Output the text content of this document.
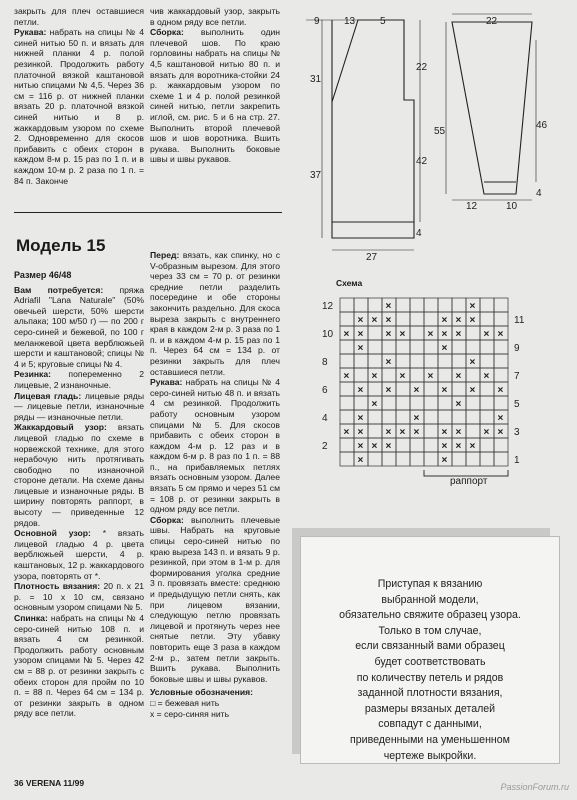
закрыть для плеч оставшиеся петли.

Рукава: набрать на спицы № 4 синей нитью 50 п. и вязать для нижней планки 4 р. полой резинкой. Продолжить работу платочной вязкой каштановой нитью спицами № 4,5. Через 36 см = 116 р. от нижней планки вязать 20 р. платочной вязкой синей нитью и 8 р. жаккардовым узором по схеме 2. Одновременно для скосов прибавить с обеих сторон в каждом 8-м р. 15 раз по 1 п. и в каждом 10-м р. 2 раза по 1 п. = 84 п. Законче

чив жаккардовый узор, закрыть в одном ряду все петли.

Сборка: выполнить один плечевой шов. По краю горловины набрать на спицы № 4,5 каштановой нитью 80 п. и вязать для воротника-стойки 24 р. жаккардовым узором по схеме 1 и 4 р. полой резинкой синей нитью, петли закрепить иглой, см. рис. 5 и 6 на стр. 27. Выполнить второй плечевой шов и шов воротника. Вшить рукава. Выполнить боковые швы и швы рукавов.

Модель 15

Размер 46/48

Вам потребуется: пряжа Adriafil "Lana Naturale" (50% овечьей шерсти, 50% шерсти альпака; 100 м/50 г) — по 200 г серо-синей и бежевой, по 100 г меланжевой цвета верблюжьей шерсти и каштановой; спицы № 4 и 5; круговые спицы № 4.

Резинка: попеременно 2 лицевые, 2 изнаночные.

Лицевая гладь: лицевые ряды — лицевые петли, изнаночные ряды — изнаночные петли.

Жаккардовый узор: вязать лицевой гладью по схеме в норвежской технике, для этого нерабочую нить протягивать свободно по изнаночной стороне детали. На схеме даны лицевые и изнаночные ряды. В ширину повторять раппорт, в высоту — приведенные 12 рядов.

Основной узор: * вязать лицевой гладью 4 р. цвета верблюжьей шерсти, 4 р. каштановых, 12 р. жаккардового узора, повторять от *.

Плотность вязания: 20 п. х 21 р. = 10 х 10 см, связано основным узором спицами № 5.

Спинка: набрать на спицы № 4 серо-синей нитью 108 п. и вязать 4 см резинкой. Продолжить работу основным узором спицами № 5. Через 42 см = 88 р. от резинки закрыть с обеих сторон для пройм по 10 п. = 88 п. Через 64 см = 134 р. от резинки закрыть в одном ряду все петли.

Перед: вязать, как спинку, но с V-образным вырезом. Для этого через 33 см = 70 р. от резинки средние петли разделить посередине и обе стороны закончить раздельно. Для скоса выреза закрыть с внутреннего края в каждом 2-м р. 3 раза по 1 п. и в каждом 4-м р. 15 раз по 1 п. Через 64 см = 134 р. от резинки закрыть для плеч оставшиеся петли.

Рукава: набрать на спицы № 4 серо-синей нитью 48 п. и вязать 4 см резинкой. Продолжить работу основным узором спицами № 5. Для скосов прибавить с обеих сторон в каждом 4-м р. 12 раз и в каждом 6-м р. 8 раз по 1 п. = 88 п., на прибавляемых петлях вязать основным узором. Далее вязать 5 см прямо и через 51 см = 108 р. от резинки закрыть в одном ряду все петли.

Сборка: выполнить плечевые швы. Набрать на круговые спицы серо-синей нитью по краю выреза 143 п. и вязать 9 р. резинкой, при этом в 1-м р. для формирования уголка средние 3 п. провязать вместе: среднюю и предыдущую петли снять, как при лицевом вязании, следующую петлю провязать лицевой и протянуть через нее снятые петли. Эту убавку повторить еще 3 раза в каждом 2-м р., затем петли закрыть. Вшить рукава. Выполнить боковые швы и швы рукавов.

Условные обозначения:

□ = бежевая нить

x = серо-синяя нить

9 13 5
31
22
37
42
4
27
22
55
46
4
12	10
Схема
×	×
× × ×	× × ×
× × × × × × × × ×
×	×
×	×
× × × × × ×
× × × × × ×
×	×
×	×	×
× × × × × × × × ×
× × ×	× × ×
×	×
12
10
8
6
4
2
11
9
7
5
3
1
раппорт
Приступая к вязанию
выбранной модели,
обязательно свяжите образец узора.
Только в том случае,
если связанный вами образец
будет соответствовать
по количеству петель и рядов
заданной плотности вязания,
размеры вязаных деталей
совпадут с данными,
приведенными на уменьшенном
чертеже выкройки.
36 VERENA 11/99	PassionForum.ru
